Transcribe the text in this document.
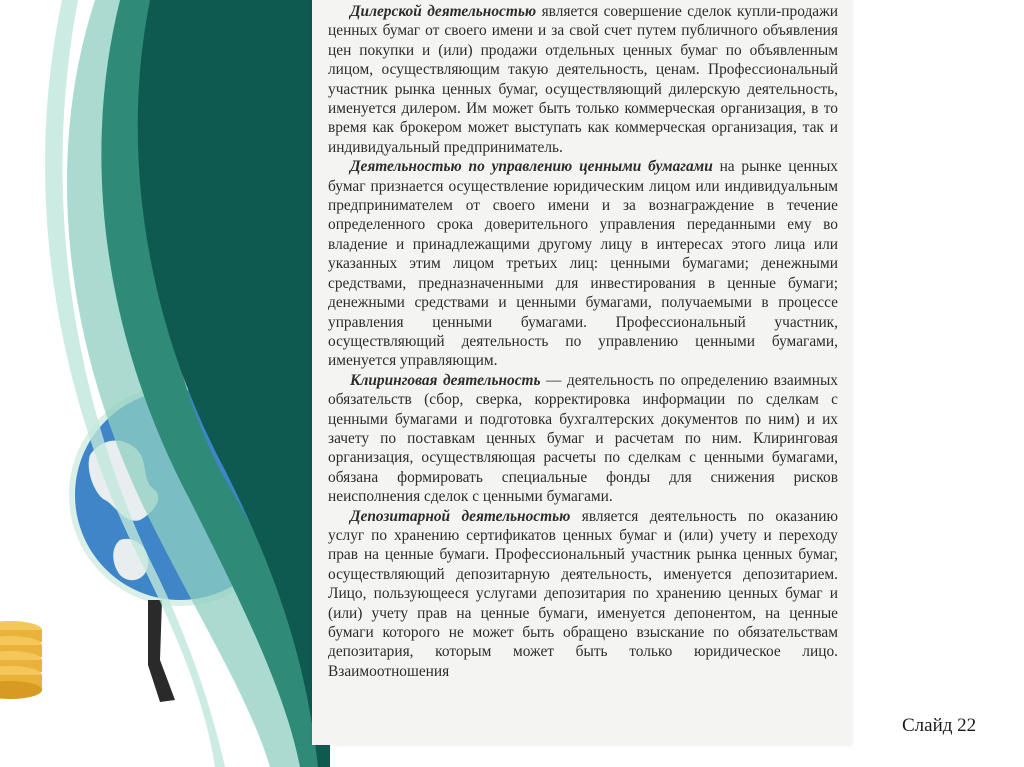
Дилерской деятельностью является совершение сделок купли-продажи ценных бумаг от своего имени и за свой счет путем публичного объявления цен покупки и (или) продажи отдельных ценных бумаг по объявленным лицом, осуществляющим такую деятельность, ценам. Профессиональный участник рынка ценных бумаг, осуществляющий дилерскую деятельность, именуется дилером. Им может быть только коммерческая организация, в то время как брокером может выступать как коммерческая организация, так и индивидуальный предприниматель.

Деятельностью по управлению ценными бумагами на рынке ценных бумаг признается осуществление юридическим лицом или индивидуальным предпринимателем от своего имени и за вознаграждение в течение определенного срока доверительного управления переданными ему во владение и принадлежащими другому лицу в интересах этого лица или указанных этим лицом третьих лиц: ценными бумагами; денежными средствами, предназначенными для инвестирования в ценные бумаги; денежными средствами и ценными бумагами, получаемыми в процессе управления ценными бумагами. Профессиональный участник, осуществляющий деятельность по управлению ценными бумагами, именуется управляющим.

Клиринговая деятельность — деятельность по определению взаимных обязательств (сбор, сверка, корректировка информации по сделкам с ценными бумагами и подготовка бухгалтерских документов по ним) и их зачету по поставкам ценных бумаг и расчетам по ним. Клиринговая организация, осуществляющая расчеты по сделкам с ценными бумагами, обязана формировать специальные фонды для снижения рисков неисполнения сделок с ценными бумагами.

Депозитарной деятельностью является деятельность по оказанию услуг по хранению сертификатов ценных бумаг и (или) учету и переходу прав на ценные бумаги. Профессиональный участник рынка ценных бумаг, осуществляющий депозитарную деятельность, именуется депозитарием. Лицо, пользующееся услугами депозитария по хранению ценных бумаг и (или) учету прав на ценные бумаги, именуется депонентом, на ценные бумаги которого не может быть обращено взыскание по обязательствам депозитария, которым может быть только юридическое лицо. Взаимоотношения

Слайд 22
